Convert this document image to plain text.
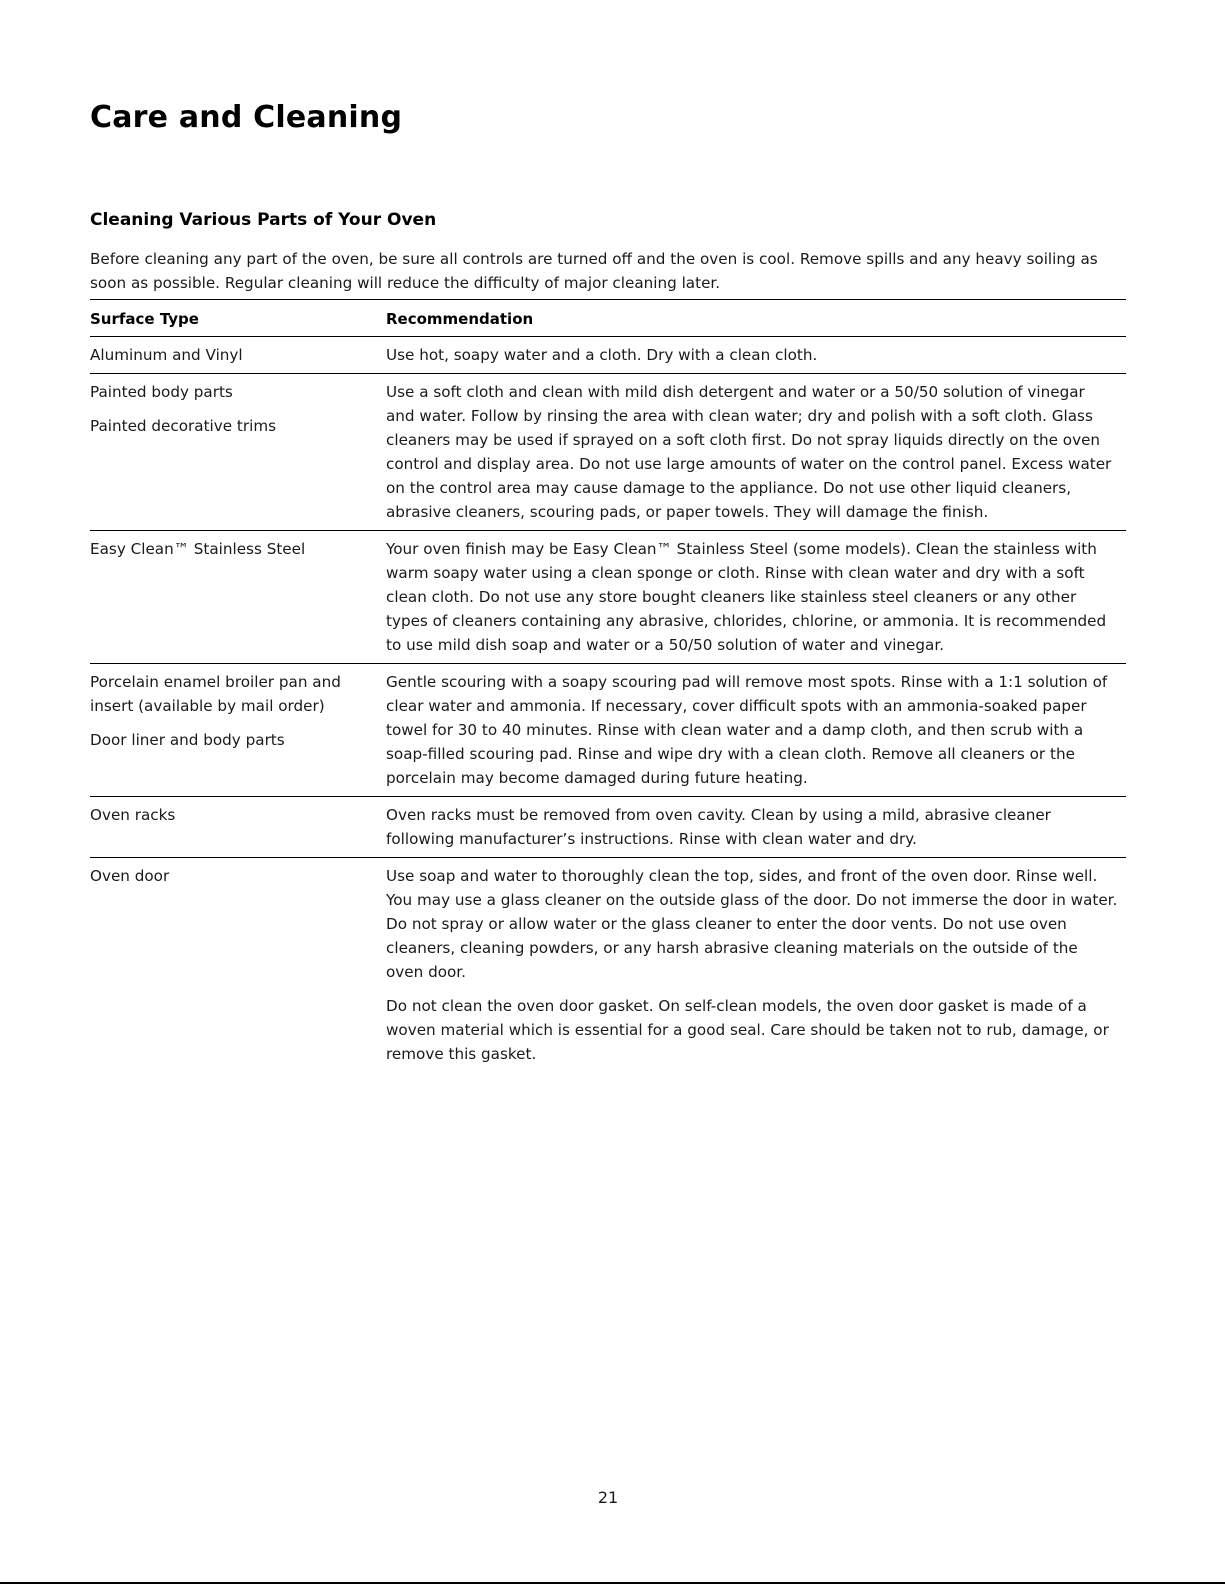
Care and Cleaning
Cleaning Various Parts of Your Oven

Before cleaning any part of the oven, be sure all controls are turned off and the oven is cool. Remove spills and any heavy soiling as soon as possible. Regular cleaning will reduce the difficulty of major cleaning later.

Surface Type	Recommendation

Aluminum and Vinyl	Use hot, soapy water and a cloth. Dry with a clean cloth.

Painted body parts
Painted decorative trims	Use a soft cloth and clean with mild dish detergent and water or a 50/50 solution of vinegar and water. Follow by rinsing the area with clean water; dry and polish with a soft cloth. Glass cleaners may be used if sprayed on a soft cloth first. Do not spray liquids directly on the oven control and display area. Do not use large amounts of water on the control panel. Excess water on the control area may cause damage to the appliance. Do not use other liquid cleaners, abrasive cleaners, scouring pads, or paper towels. They will damage the finish.

Easy Clean™ Stainless Steel	Your oven finish may be Easy Clean™ Stainless Steel (some models). Clean the stainless with warm soapy water using a clean sponge or cloth. Rinse with clean water and dry with a soft clean cloth. Do not use any store bought cleaners like stainless steel cleaners or any other types of cleaners containing any abrasive, chlorides, chlorine, or ammonia. It is recommended to use mild dish soap and water or a 50/50 solution of water and vinegar.

Porcelain enamel broiler pan and insert (available by mail order)
Door liner and body parts	Gentle scouring with a soapy scouring pad will remove most spots. Rinse with a 1:1 solution of clear water and ammonia. If necessary, cover difficult spots with an ammonia-soaked paper towel for 30 to 40 minutes. Rinse with clean water and a damp cloth, and then scrub with a soap-filled scouring pad. Rinse and wipe dry with a clean cloth. Remove all cleaners or the porcelain may become damaged during future heating.

Oven racks	Oven racks must be removed from oven cavity. Clean by using a mild, abrasive cleaner following manufacturer’s instructions. Rinse with clean water and dry.

Oven door	Use soap and water to thoroughly clean the top, sides, and front of the oven door. Rinse well. You may use a glass cleaner on the outside glass of the door. Do not immerse the door in water. Do not spray or allow water or the glass cleaner to enter the door vents. Do not use oven cleaners, cleaning powders, or any harsh abrasive cleaning materials on the outside of the oven door.

Do not clean the oven door gasket. On self-clean models, the oven door gasket is made of a woven material which is essential for a good seal. Care should be taken not to rub, damage, or remove this gasket.

21
